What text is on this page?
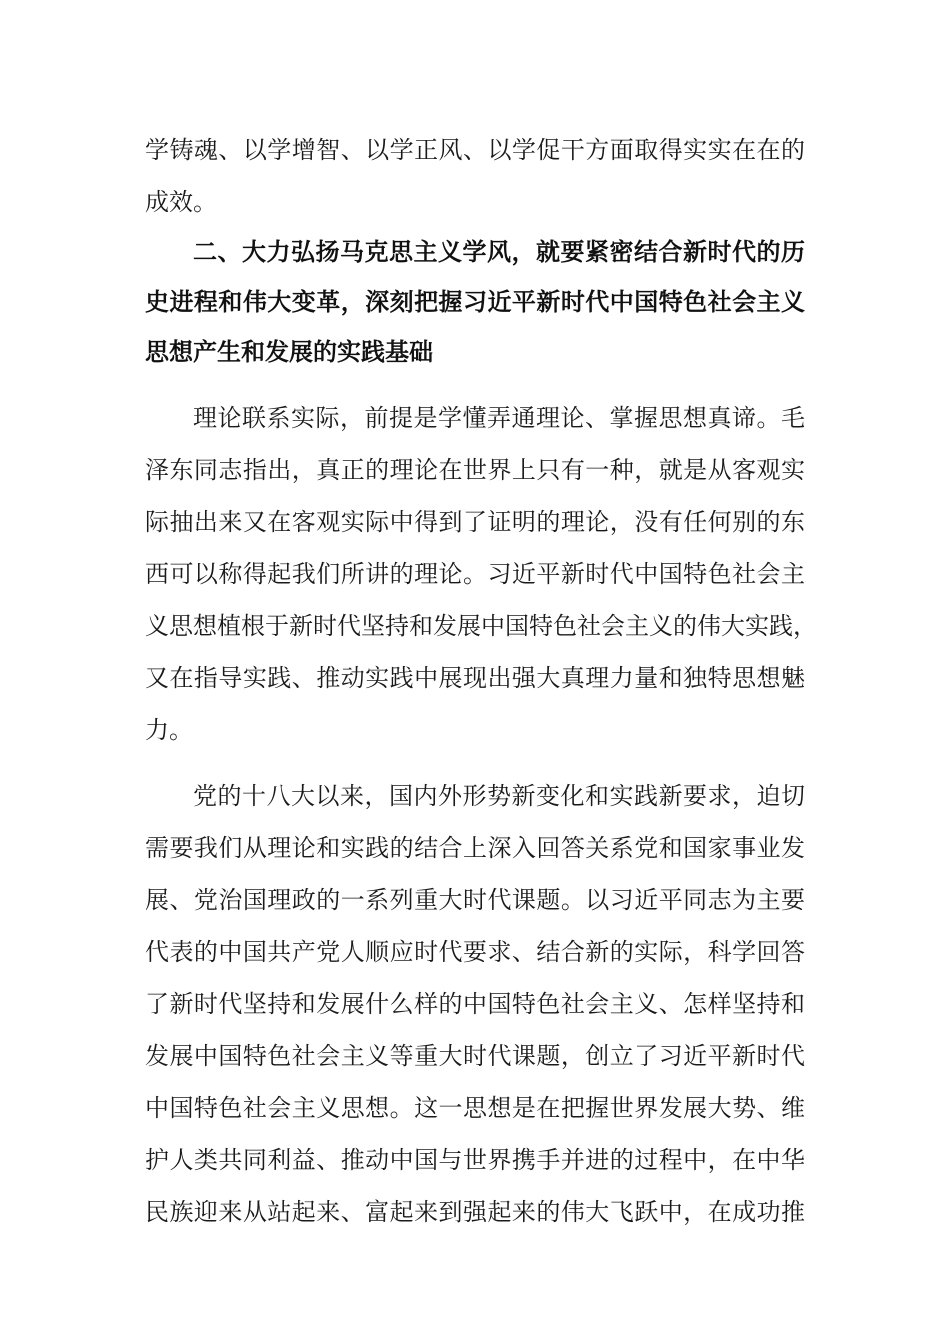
学铸魂、以学增智、以学正风、以学促干方面取得实实在在的
成效。
二、大力弘扬马克思主义学风，就要紧密结合新时代的历
史进程和伟大变革，深刻把握习近平新时代中国特色社会主义
思想产生和发展的实践基础
理论联系实际，前提是学懂弄通理论、掌握思想真谛。毛
泽东同志指出，真正的理论在世界上只有一种，就是从客观实
际抽出来又在客观实际中得到了证明的理论，没有任何别的东
西可以称得起我们所讲的理论。习近平新时代中国特色社会主
义思想植根于新时代坚持和发展中国特色社会主义的伟大实践，
又在指导实践、推动实践中展现出强大真理力量和独特思想魅
力。
党的十八大以来，国内外形势新变化和实践新要求，迫切
需要我们从理论和实践的结合上深入回答关系党和国家事业发
展、党治国理政的一系列重大时代课题。以习近平同志为主要
代表的中国共产党人顺应时代要求、结合新的实际，科学回答
了新时代坚持和发展什么样的中国特色社会主义、怎样坚持和
发展中国特色社会主义等重大时代课题，创立了习近平新时代
中国特色社会主义思想。这一思想是在把握世界发展大势、维
护人类共同利益、推动中国与世界携手并进的过程中，在中华
民族迎来从站起来、富起来到强起来的伟大飞跃中，在成功推
